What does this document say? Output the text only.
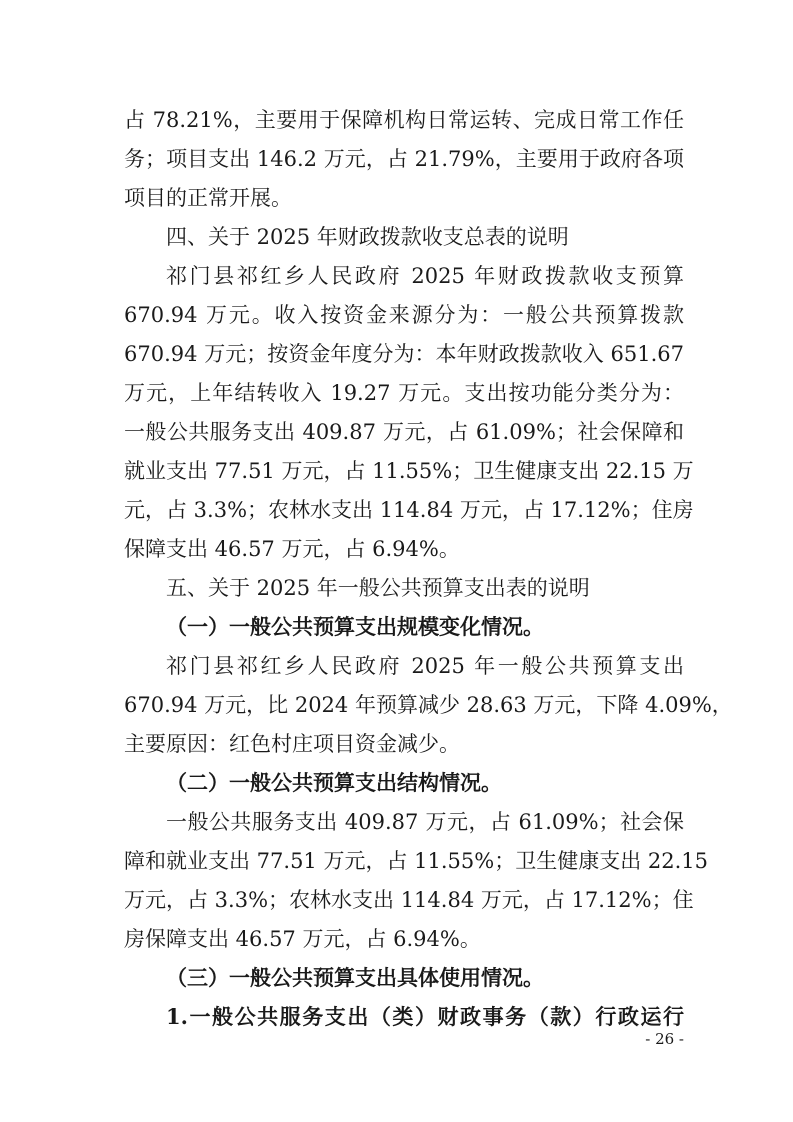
占 78.21%，主要用于保障机构日常运转、完成日常工作任
务；项目支出 146.2 万元，占 21.79%，主要用于政府各项
项目的正常开展。
四、关于 2025 年财政拨款收支总表的说明
祁门县祁红乡人民政府 2025 年财政拨款收支预算
670.94 万元。收入按资金来源分为：一般公共预算拨款
670.94 万元；按资金年度分为：本年财政拨款收入 651.67
万元，上年结转收入 19.27 万元。支出按功能分类分为：
一般公共服务支出 409.87 万元，占 61.09%；社会保障和
就业支出 77.51 万元，占 11.55%；卫生健康支出 22.15 万
元，占 3.3%；农林水支出 114.84 万元，占 17.12%；住房
保障支出 46.57 万元，占 6.94%。
五、关于 2025 年一般公共预算支出表的说明
（一）一般公共预算支出规模变化情况。
祁门县祁红乡人民政府 2025 年一般公共预算支出
670.94 万元，比 2024 年预算减少 28.63 万元，下降 4.09%，
主要原因：红色村庄项目资金减少。
（二）一般公共预算支出结构情况。
一般公共服务支出 409.87 万元，占 61.09%；社会保
障和就业支出 77.51 万元，占 11.55%；卫生健康支出 22.15
万元，占 3.3%；农林水支出 114.84 万元，占 17.12%；住
房保障支出 46.57 万元，占 6.94%。
（三）一般公共预算支出具体使用情况。
1.一般公共服务支出（类）财政事务（款）行政运行
- 26 -
